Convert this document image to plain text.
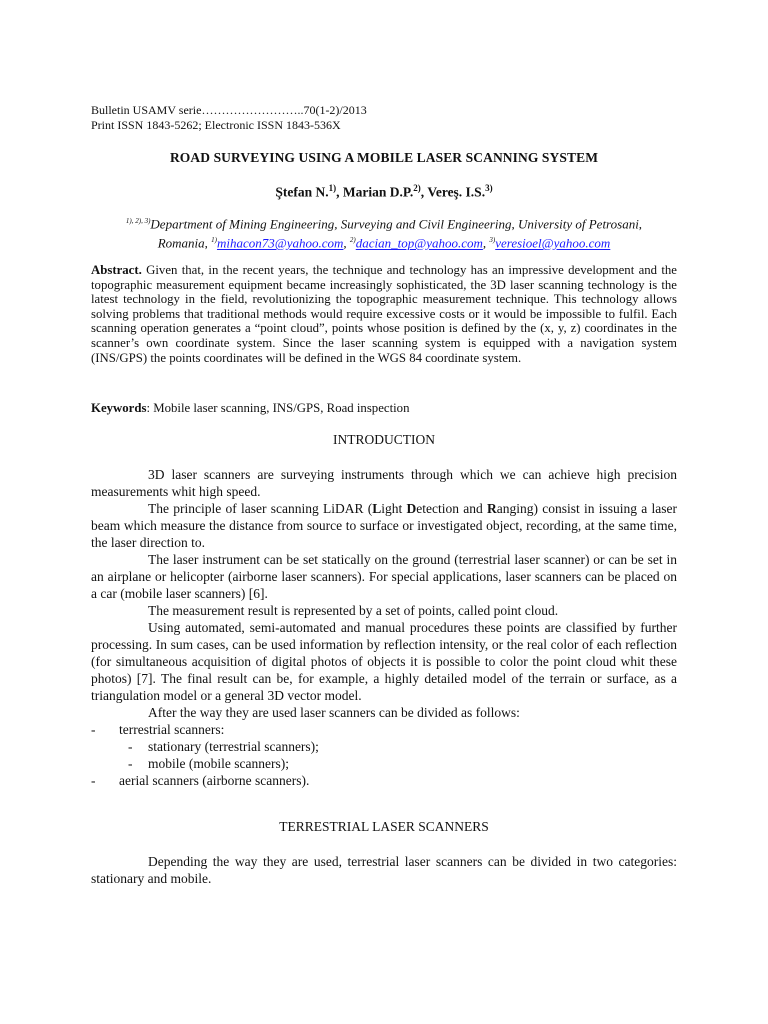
Bulletin USAMV serie……………………..70(1-2)/2013
Print ISSN 1843-5262; Electronic ISSN 1843-536X
ROAD SURVEYING USING A MOBILE LASER SCANNING SYSTEM
Ştefan N.$^{1)}$, Marian D.P.$^{2)}$, Vereş. I.S.$^{3)}$
$^{1), 2), 3)}$Department of Mining Engineering, Surveying and Civil Engineering, University of Petrosani,
Romania, $^{1)}$mihacon73@yahoo.com, $^{2)}$dacian_top@yahoo.com, $^{3)}$veresioel@yahoo.com
Abstract. Given that, in the recent years, the technique and technology has an impressive development and the topographic measurement equipment became increasingly sophisticated, the 3D laser scanning technology is the latest technology in the field, revolutionizing the topographic measurement technique. This technology allows solving problems that traditional methods would require excessive costs or it would be impossible to fulfil. Each scanning operation generates a “point cloud”, points whose position is defined by the (x, y, z) coordinates in the scanner’s own coordinate system. Since the laser scanning system is equipped with a navigation system (INS/GPS) the points coordinates will be defined in the WGS 84 coordinate system.
Keywords: Mobile laser scanning, INS/GPS, Road inspection
INTRODUCTION

3D laser scanners are surveying instruments through which we can achieve high precision measurements whit high speed.

The principle of laser scanning LiDAR (Light Detection and Ranging) consist in issuing a laser beam which measure the distance from source to surface or investigated object, recording, at the same time, the laser direction to.

The laser instrument can be set statically on the ground (terrestrial laser scanner) or can be set in an airplane or helicopter (airborne laser scanners). For special applications, laser scanners can be placed on a car (mobile laser scanners) [6].

The measurement result is represented by a set of points, called point cloud.

Using automated, semi-automated and manual procedures these points are classified by further processing. In sum cases, can be used information by reflection intensity, or the real color of each reflection (for simultaneous acquisition of digital photos of objects it is possible to color the point cloud whit these photos) [7]. The final result can be, for example, a highly detailed model of the terrain or surface, as a triangulation model or a general 3D vector model.

After the way they are used laser scanners can be divided as follows:

- terrestrial scanners:
- stationary (terrestrial scanners);
- mobile (mobile scanners);
- aerial scanners (airborne scanners).
TERRESTRIAL LASER SCANNERS

Depending the way they are used, terrestrial laser scanners can be divided in two categories: stationary and mobile.
